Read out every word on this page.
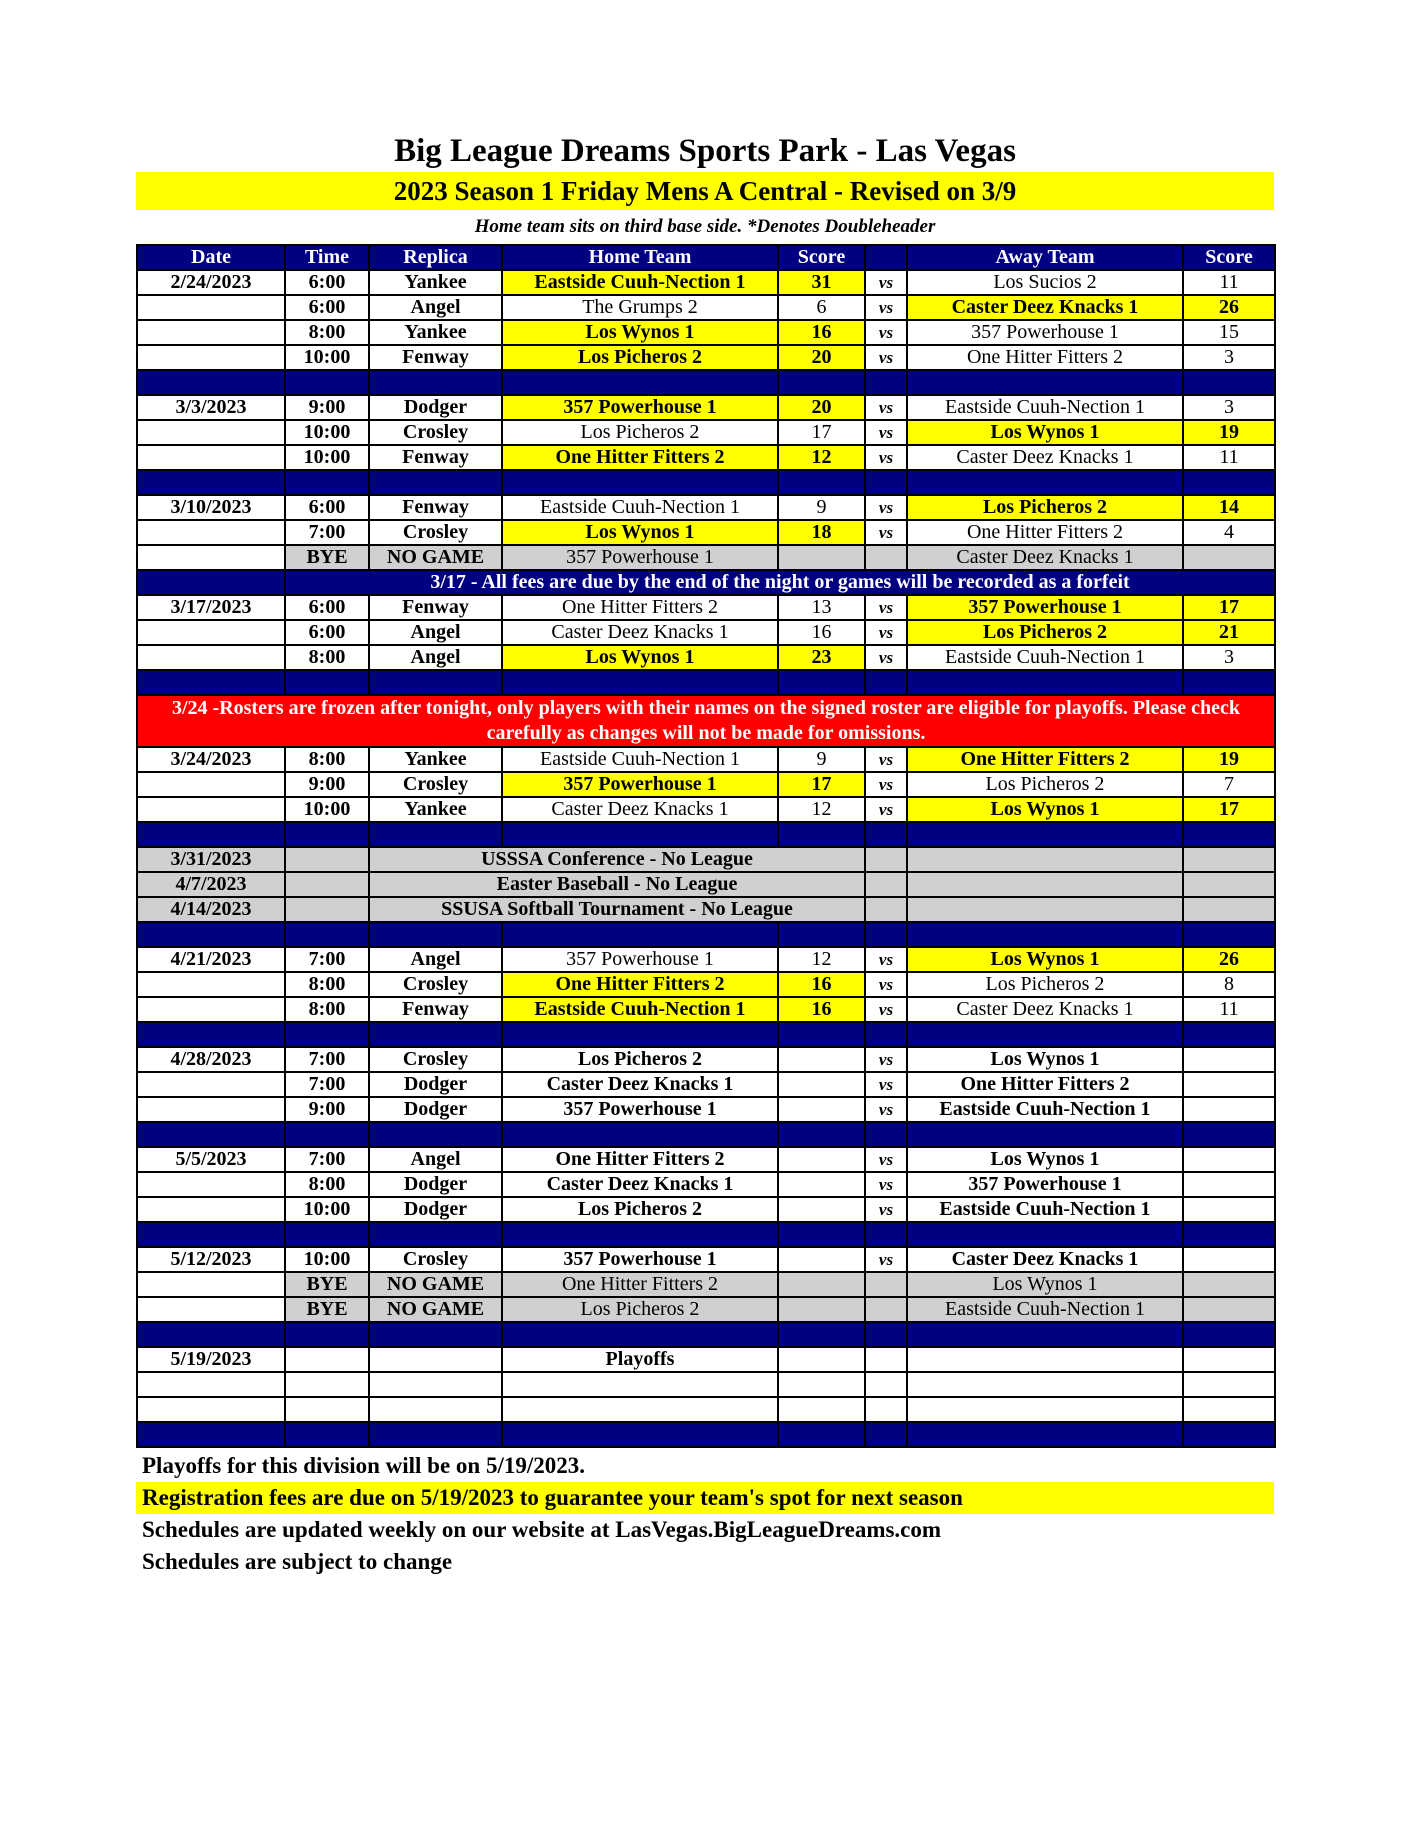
Big League Dreams Sports Park - Las Vegas
2023 Season 1 Friday Mens A Central - Revised on 3/9
Home team sits on third base side. *Denotes Doubleheader
Date	Time	Replica	Home Team	Score		Away Team	Score
2/24/2023	6:00	Yankee	Eastside Cuuh-Nection 1	31	vs	Los Sucios 2	11
	6:00	Angel	The Grumps 2	6	vs	Caster Deez Knacks 1	26
	8:00	Yankee	Los Wynos 1	16	vs	357 Powerhouse 1	15
	10:00	Fenway	Los Picheros 2	20	vs	One Hitter Fitters 2	3

3/3/2023	9:00	Dodger	357 Powerhouse 1	20	vs	Eastside Cuuh-Nection 1	3
	10:00	Crosley	Los Picheros 2	17	vs	Los Wynos 1	19
	10:00	Fenway	One Hitter Fitters 2	12	vs	Caster Deez Knacks 1	11

3/10/2023	6:00	Fenway	Eastside Cuuh-Nection 1	9	vs	Los Picheros 2	14
	7:00	Crosley	Los Wynos 1	18	vs	One Hitter Fitters 2	4
	BYE	NO GAME	357 Powerhouse 1			Caster Deez Knacks 1	
	3/17 - All fees are due by the end of the night or games will be recorded as a forfeit						
3/17/2023	6:00	Fenway	One Hitter Fitters 2	13	vs	357 Powerhouse 1	17
	6:00	Angel	Caster Deez Knacks 1	16	vs	Los Picheros 2	21
	8:00	Angel	Los Wynos 1	23	vs	Eastside Cuuh-Nection 1	3

3/24 -Rosters are frozen after tonight, only players with their names on the signed roster are eligible for playoffs. Please check carefully as changes will not be made for omissions.							
3/24/2023	8:00	Yankee	Eastside Cuuh-Nection 1	9	vs	One Hitter Fitters 2	19
	9:00	Crosley	357 Powerhouse 1	17	vs	Los Picheros 2	7
	10:00	Yankee	Caster Deez Knacks 1	12	vs	Los Wynos 1	17

3/31/2023		USSSA Conference - No League					
4/7/2023		Easter Baseball - No League					
4/14/2023		SSUSA Softball Tournament - No League					

4/21/2023	7:00	Angel	357 Powerhouse 1	12	vs	Los Wynos 1	26
	8:00	Crosley	One Hitter Fitters 2	16	vs	Los Picheros 2	8
	8:00	Fenway	Eastside Cuuh-Nection 1	16	vs	Caster Deez Knacks 1	11

4/28/2023	7:00	Crosley	Los Picheros 2		vs	Los Wynos 1	
	7:00	Dodger	Caster Deez Knacks 1		vs	One Hitter Fitters 2	
	9:00	Dodger	357 Powerhouse 1		vs	Eastside Cuuh-Nection 1	

5/5/2023	7:00	Angel	One Hitter Fitters 2		vs	Los Wynos 1	
	8:00	Dodger	Caster Deez Knacks 1		vs	357 Powerhouse 1	
	10:00	Dodger	Los Picheros 2		vs	Eastside Cuuh-Nection 1	

5/12/2023	10:00	Crosley	357 Powerhouse 1		vs	Caster Deez Knacks 1	
	BYE	NO GAME	One Hitter Fitters 2			Los Wynos 1	
	BYE	NO GAME	Los Picheros 2			Eastside Cuuh-Nection 1	

5/19/2023			Playoffs				

Playoffs for this division will be on 5/19/2023.
Registration fees are due on 5/19/2023 to guarantee your team's spot for next season
Schedules are updated weekly on our website at LasVegas.BigLeagueDreams.com
Schedules are subject to change
